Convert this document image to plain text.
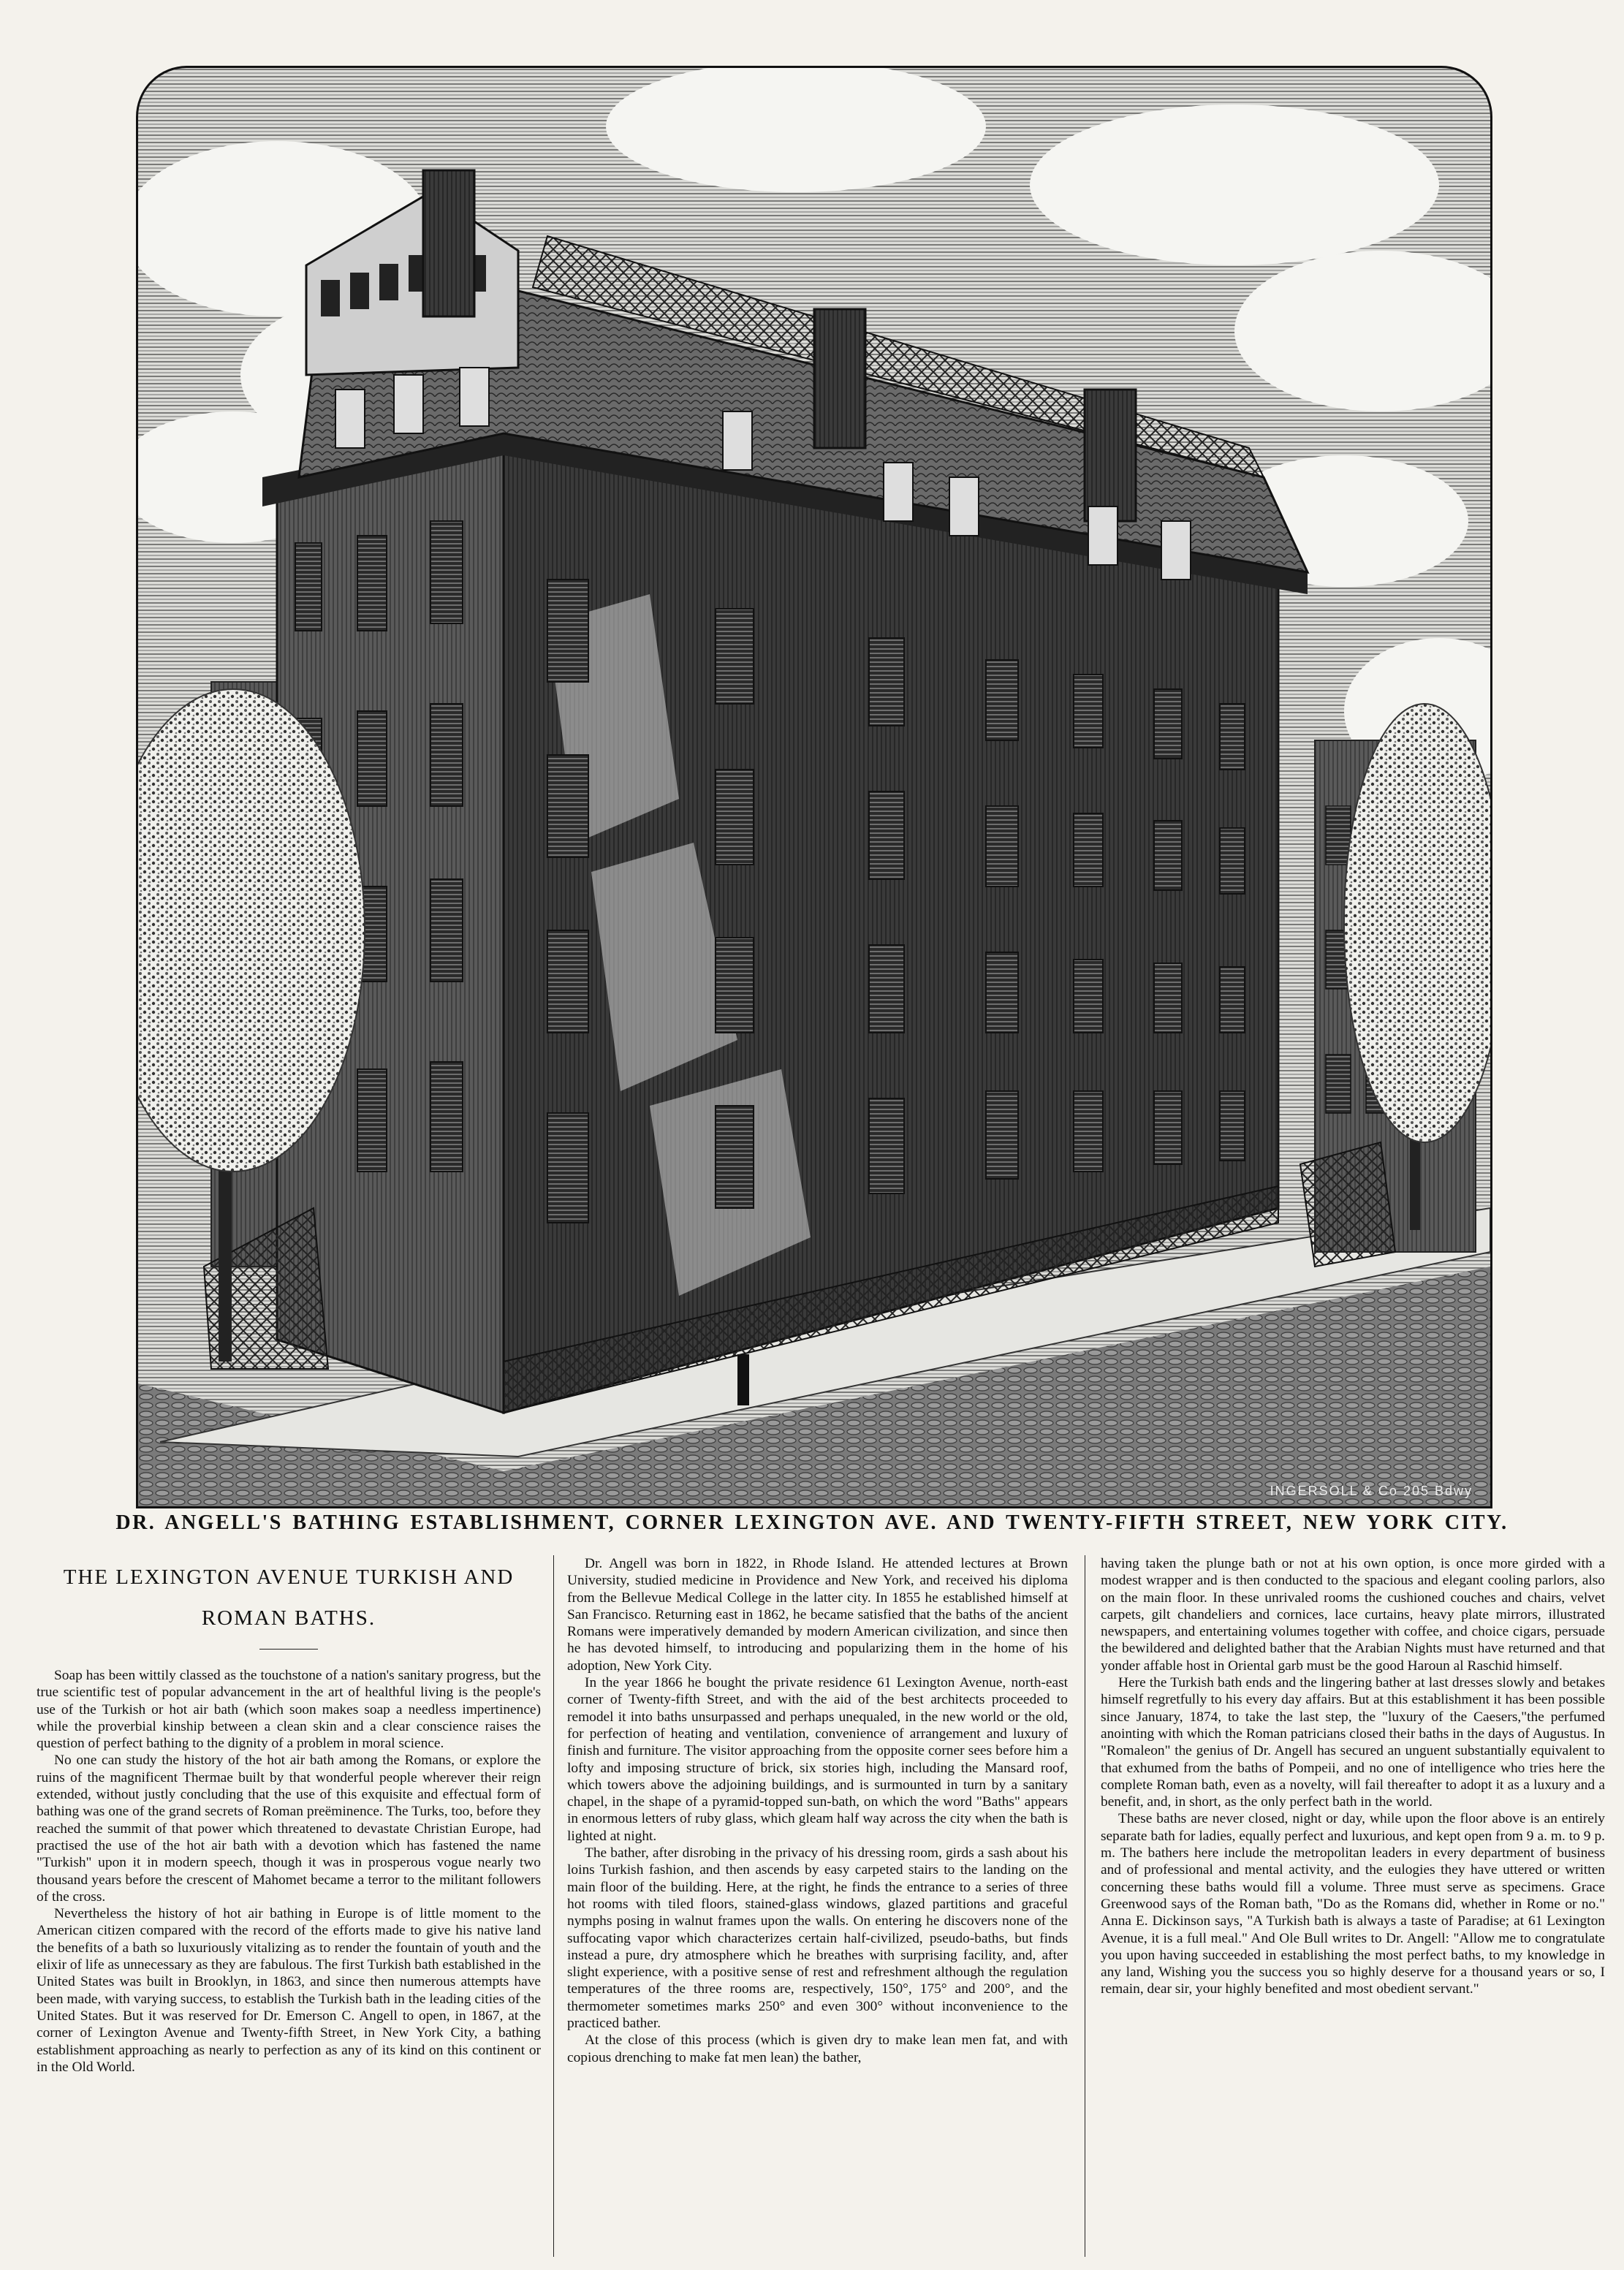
INGERSOLL & Co 205 Bdwy
DR. ANGELL'S BATHING ESTABLISHMENT, CORNER LEXINGTON AVE. AND TWENTY-FIFTH STREET, NEW YORK CITY.
THE LEXINGTON AVENUE TURKISH AND
ROMAN BATHS.

Soap has been wittily classed as the touchstone of a nation's sanitary progress, but the true scientific test of popular advancement in the art of healthful living is the people's use of the Turkish or hot air bath (which soon makes soap a needless impertinence) while the proverbial kinship between a clean skin and a clear conscience raises the question of perfect bathing to the dignity of a problem in moral science.

No one can study the history of the hot air bath among the Romans, or explore the ruins of the magnificent Thermae built by that wonderful people wherever their reign extended, without justly concluding that the use of this exquisite and effectual form of bathing was one of the grand secrets of Roman preëminence. The Turks, too, before they reached the summit of that power which threatened to devastate Christian Europe, had practised the use of the hot air bath with a devotion which has fastened the name "Turkish" upon it in modern speech, though it was in prosperous vogue nearly two thousand years before the crescent of Mahomet became a terror to the militant followers of the cross.

Nevertheless the history of hot air bathing in Europe is of little moment to the American citizen compared with the record of the efforts made to give his native land the benefits of a bath so luxuriously vitalizing as to render the fountain of youth and the elixir of life as unnecessary as they are fabulous. The first Turkish bath established in the United States was built in Brooklyn, in 1863, and since then numerous attempts have been made, with varying success, to establish the Turkish bath in the leading cities of the United States. But it was reserved for Dr. Emerson C. Angell to open, in 1867, at the corner of Lexington Avenue and Twenty-fifth Street, in New York City, a bathing establishment approaching as nearly to perfection as any of its kind on this continent or in the Old World.

Dr. Angell was born in 1822, in Rhode Island. He attended lectures at Brown University, studied medicine in Providence and New York, and received his diploma from the Bellevue Medical College in the latter city. In 1855 he established himself at San Francisco. Returning east in 1862, he became satisfied that the baths of the ancient Romans were imperatively demanded by modern American civilization, and since then he has devoted himself, to introducing and popularizing them in the home of his adoption, New York City.

In the year 1866 he bought the private residence 61 Lexington Avenue, north-east corner of Twenty-fifth Street, and with the aid of the best architects proceeded to remodel it into baths unsurpassed and perhaps unequaled, in the new world or the old, for perfection of heating and ventilation, convenience of arrangement and luxury of finish and furniture. The visitor approaching from the opposite corner sees before him a lofty and imposing structure of brick, six stories high, including the Mansard roof, which towers above the adjoining buildings, and is surmounted in turn by a sanitary chapel, in the shape of a pyramid-topped sun-bath, on which the word "Baths" appears in enormous letters of ruby glass, which gleam half way across the city when the bath is lighted at night.

The bather, after disrobing in the privacy of his dressing room, girds a sash about his loins Turkish fashion, and then ascends by easy carpeted stairs to the landing on the main floor of the building. Here, at the right, he finds the entrance to a series of three hot rooms with tiled floors, stained-glass windows, glazed partitions and graceful nymphs posing in walnut frames upon the walls. On entering he discovers none of the suffocating vapor which characterizes certain half-civilized, pseudo-baths, but finds instead a pure, dry atmosphere which he breathes with surprising facility, and, after slight experience, with a positive sense of rest and refreshment although the regulation temperatures of the three rooms are, respectively, 150°, 175° and 200°, and the thermometer sometimes marks 250° and even 300° without inconvenience to the practiced bather.

At the close of this process (which is given dry to make lean men fat, and with copious drenching to make fat men lean) the bather,

having taken the plunge bath or not at his own option, is once more girded with a modest wrapper and is then conducted to the spacious and elegant cooling parlors, also on the main floor. In these unrivaled rooms the cushioned couches and chairs, velvet carpets, gilt chandeliers and cornices, lace curtains, heavy plate mirrors, illustrated newspapers, and entertaining volumes together with coffee, and choice cigars, persuade the bewildered and delighted bather that the Arabian Nights must have returned and that yonder affable host in Oriental garb must be the good Haroun al Raschid himself.

Here the Turkish bath ends and the lingering bather at last dresses slowly and betakes himself regretfully to his every day affairs. But at this establishment it has been possible since January, 1874, to take the last step, the "luxury of the Caesers,"the perfumed anointing with which the Roman patricians closed their baths in the days of Augustus. In "Romaleon" the genius of Dr. Angell has secured an unguent substantially equivalent to that exhumed from the baths of Pompeii, and no one of intelligence who tries here the complete Roman bath, even as a novelty, will fail thereafter to adopt it as a luxury and a benefit, and, in short, as the only perfect bath in the world.

These baths are never closed, night or day, while upon the floor above is an entirely separate bath for ladies, equally perfect and luxurious, and kept open from 9 a. m. to 9 p. m. The bathers here include the metropolitan leaders in every department of business and of professional and mental activity, and the eulogies they have uttered or written concerning these baths would fill a volume. Three must serve as specimens. Grace Greenwood says of the Roman bath, "Do as the Romans did, whether in Rome or no." Anna E. Dickinson says, "A Turkish bath is always a taste of Paradise; at 61 Lexington Avenue, it is a full meal." And Ole Bull writes to Dr. Angell: "Allow me to congratulate you upon having succeeded in establishing the most perfect baths, to my knowledge in any land, Wishing you the success you so highly deserve for a thousand years or so, I remain, dear sir, your highly benefited and most obedient servant."
